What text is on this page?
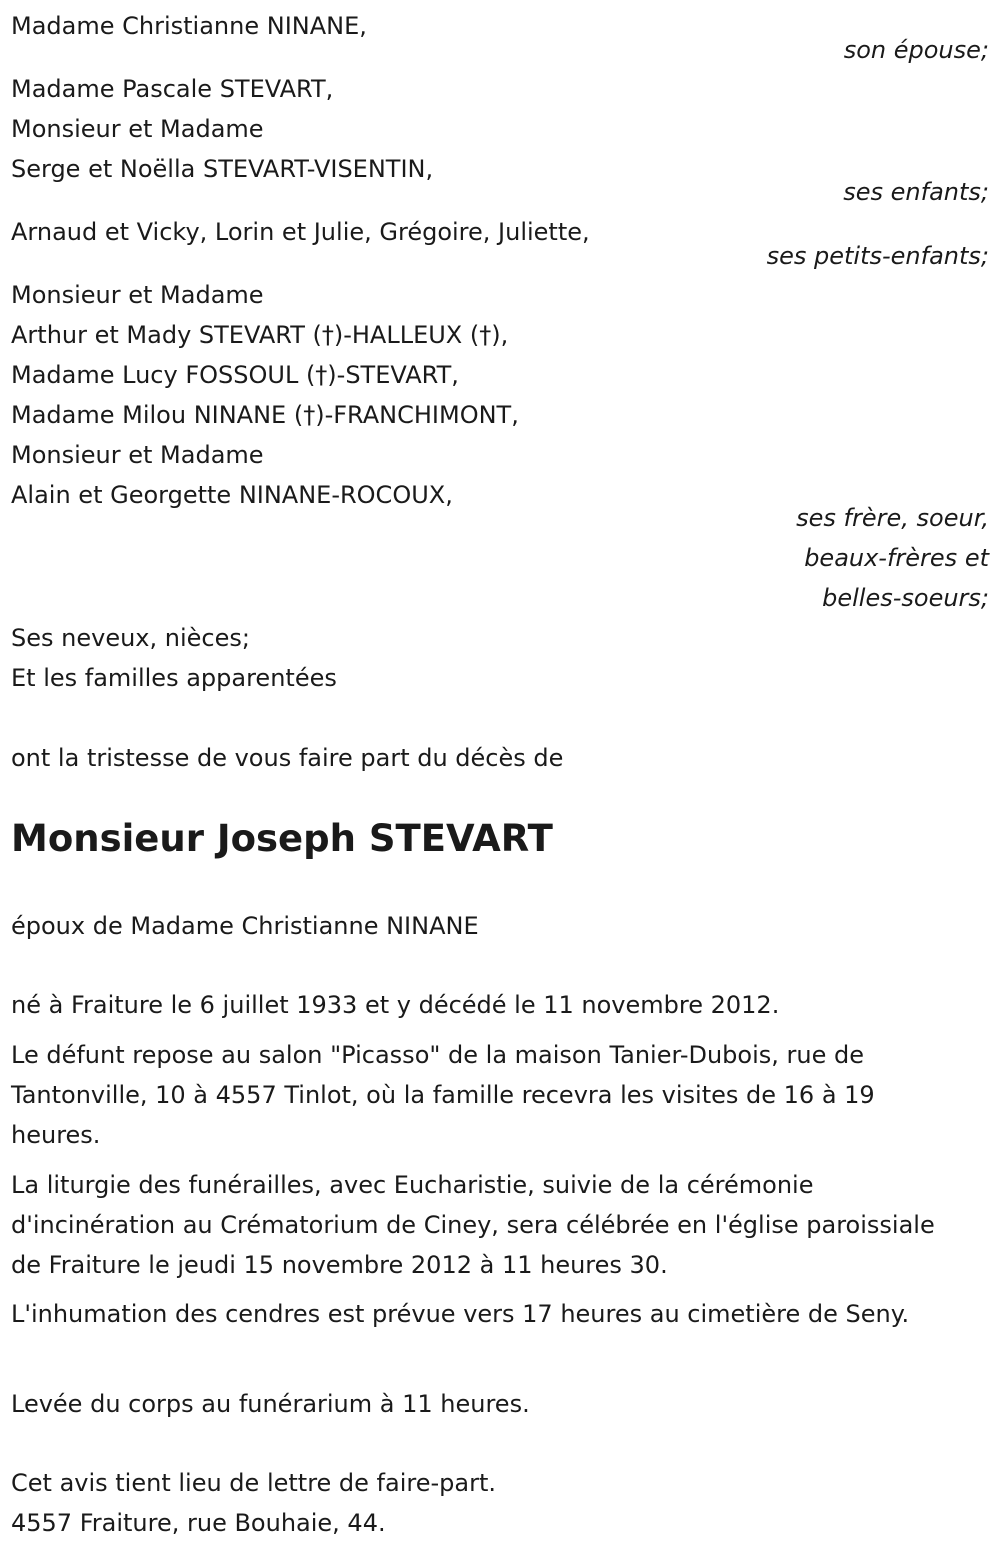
Madame Christianne NINANE,
son épouse;
Madame Pascale STEVART,
Monsieur et Madame
Serge et Noëlla STEVART-VISENTIN,
ses enfants;
Arnaud et Vicky, Lorin et Julie, Grégoire, Juliette,
ses petits-enfants;
Monsieur et Madame
Arthur et Mady STEVART (†)-HALLEUX (†),
Madame Lucy FOSSOUL (†)-STEVART,
Madame Milou NINANE (†)-FRANCHIMONT,
Monsieur et Madame
Alain et Georgette NINANE-ROCOUX,
ses frère, soeur,
beaux-frères et
belles-soeurs;
Ses neveux, nièces;
Et les familles apparentées
ont la tristesse de vous faire part du décès de
Monsieur Joseph STEVART
époux de Madame Christianne NINANE
né à Fraiture le 6 juillet 1933 et y décédé le 11 novembre 2012.
Le défunt repose au salon "Picasso" de la maison Tanier-Dubois, rue de Tantonville, 10 à 4557 Tinlot, où la famille recevra les visites de 16 à 19 heures.
La liturgie des funérailles, avec Eucharistie, suivie de la cérémonie d'incinération au Crématorium de Ciney, sera célébrée en l'église paroissiale de Fraiture le jeudi 15 novembre 2012 à 11 heures 30.
L'inhumation des cendres est prévue vers 17 heures au cimetière de Seny.
Levée du corps au funérarium à 11 heures.
Cet avis tient lieu de lettre de faire-part.
4557 Fraiture, rue Bouhaie, 44.
